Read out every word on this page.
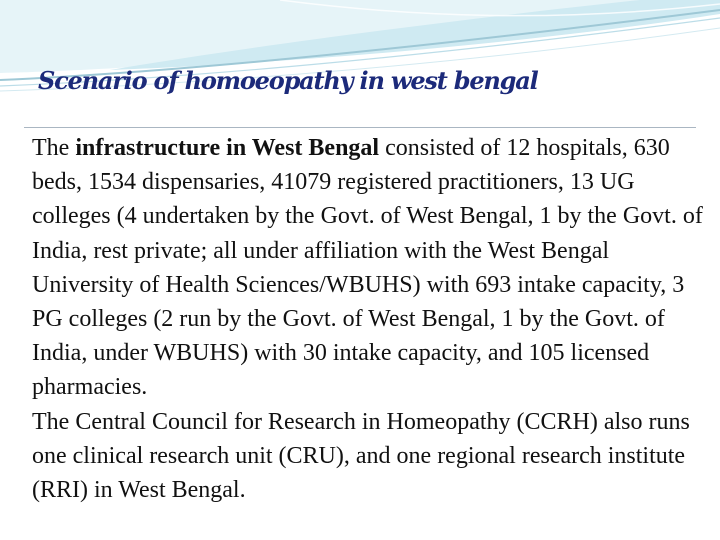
Scenario of homoeopathy in west bengal

The infrastructure in West Bengal consisted of 12 hospitals, 630 beds, 1534 dispensaries, 41079 registered practitioners, 13 UG colleges (4 undertaken by the Govt. of West Bengal, 1 by the Govt. of India, rest private; all under affiliation with the West Bengal University of Health Sciences/WBUHS) with 693 intake capacity, 3 PG colleges (2 run by the Govt. of West Bengal, 1 by the Govt. of India, under WBUHS) with 30 intake capacity, and 105 licensed pharmacies.

The Central Council for Research in Homeopathy (CCRH) also runs one clinical research unit (CRU), and one regional research institute (RRI) in West Bengal.
